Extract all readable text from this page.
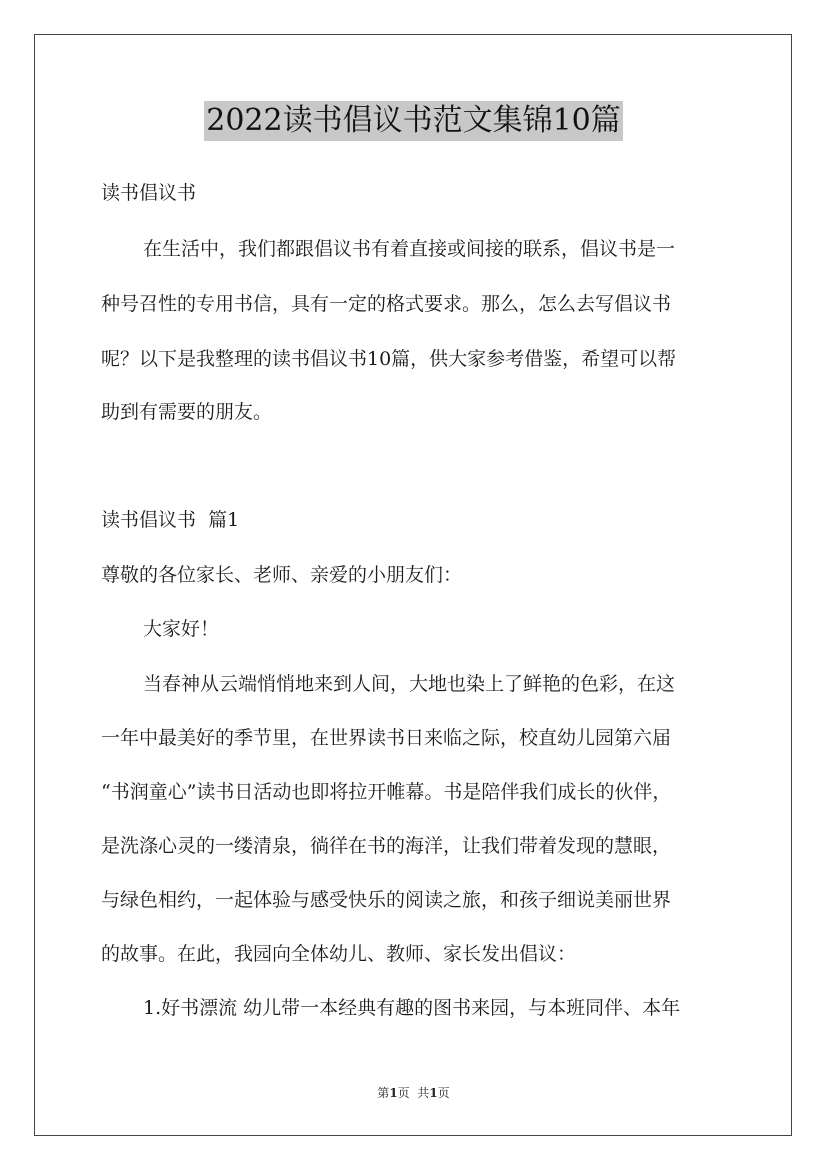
2022读书倡议书范文集锦10篇
读书倡议书
在生活中，我们都跟倡议书有着直接或间接的联系，倡议书是一
种号召性的专用书信，具有一定的格式要求。那么，怎么去写倡议书
呢？以下是我整理的读书倡议书10篇，供大家参考借鉴，希望可以帮
助到有需要的朋友。
读书倡议书  篇1
尊敬的各位家长、老师、亲爱的小朋友们：
大家好！
当春神从云端悄悄地来到人间，大地也染上了鲜艳的色彩，在这
一年中最美好的季节里，在世界读书日来临之际，校直幼儿园第六届
“书润童心”读书日活动也即将拉开帷幕。书是陪伴我们成长的伙伴，
是洗涤心灵的一缕清泉，徜徉在书的海洋，让我们带着发现的慧眼，
与绿色相约，一起体验与感受快乐的阅读之旅，和孩子细说美丽世界
的故事。在此，我园向全体幼儿、教师、家长发出倡议：
1.好书漂流 幼儿带一本经典有趣的图书来园，与本班同伴、本年
第1页  共1页
